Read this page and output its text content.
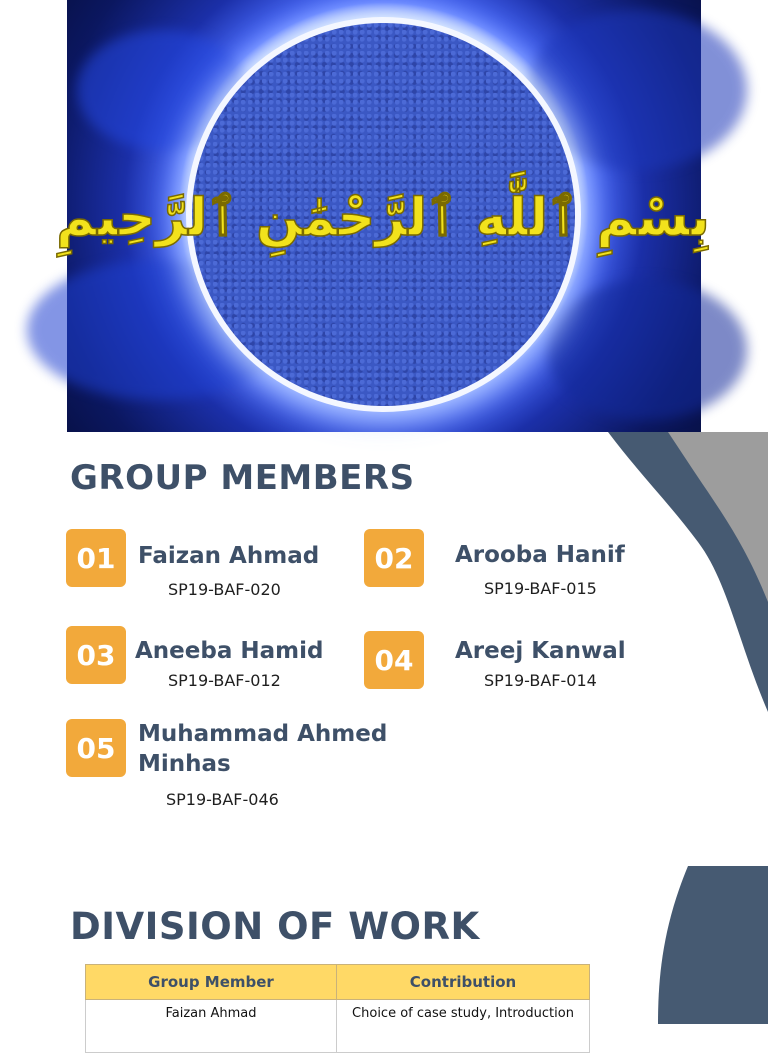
بِسْمِ ٱللَّٰهِ ٱلرَّحْمَٰنِ ٱلرَّحِيمِ
GROUP MEMBERS
01 Faizan Ahmad
SP19-BAF-020
02	Arooba Hanif
SP19-BAF-015
03 Aneeba Hamid
SP19-BAF-012
04	Areej Kanwal
SP19-BAF-014
05 Muhammad Ahmed Minhas
SP19-BAF-046
DIVISION OF WORK
Group Member	Contribution
Faizan Ahmad	Choice of case study, Introduction
